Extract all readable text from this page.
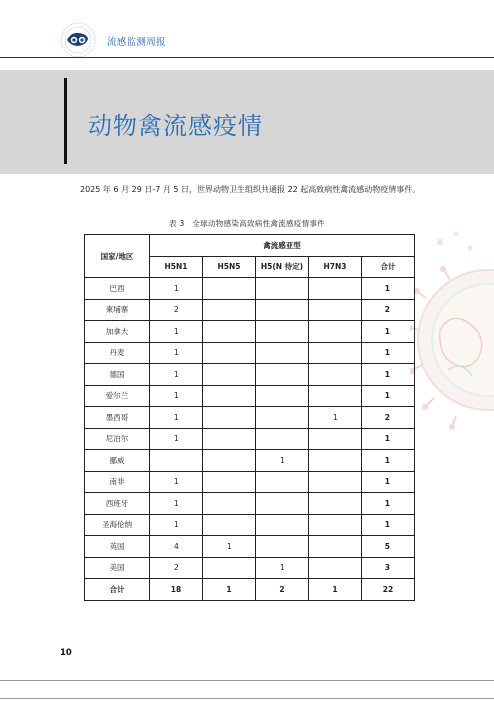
流感监测周报
动物禽流感疫情
2025 年 6 月 29 日-7 月 5 日，世界动物卫生组织共通报 22 起高致病性禽流感动物疫情事件。
表 3　全球动物感染高致病性禽流感疫情事件
国家/地区	禽流感亚型				
	H5N1	H5N5	H5(N 待定)	H7N3	合计
巴西	1				1
柬埔寨	2				2
加拿大	1				1
丹麦	1				1
德国	1				1
爱尔兰	1				1
墨西哥	1			1	2
尼泊尔	1				1
挪威			1		1
南非	1				1
西班牙	1				1
圣海伦纳	1				1
英国	4	1			5
美国	2		1		3
合计	18	1	2	1	22
10
